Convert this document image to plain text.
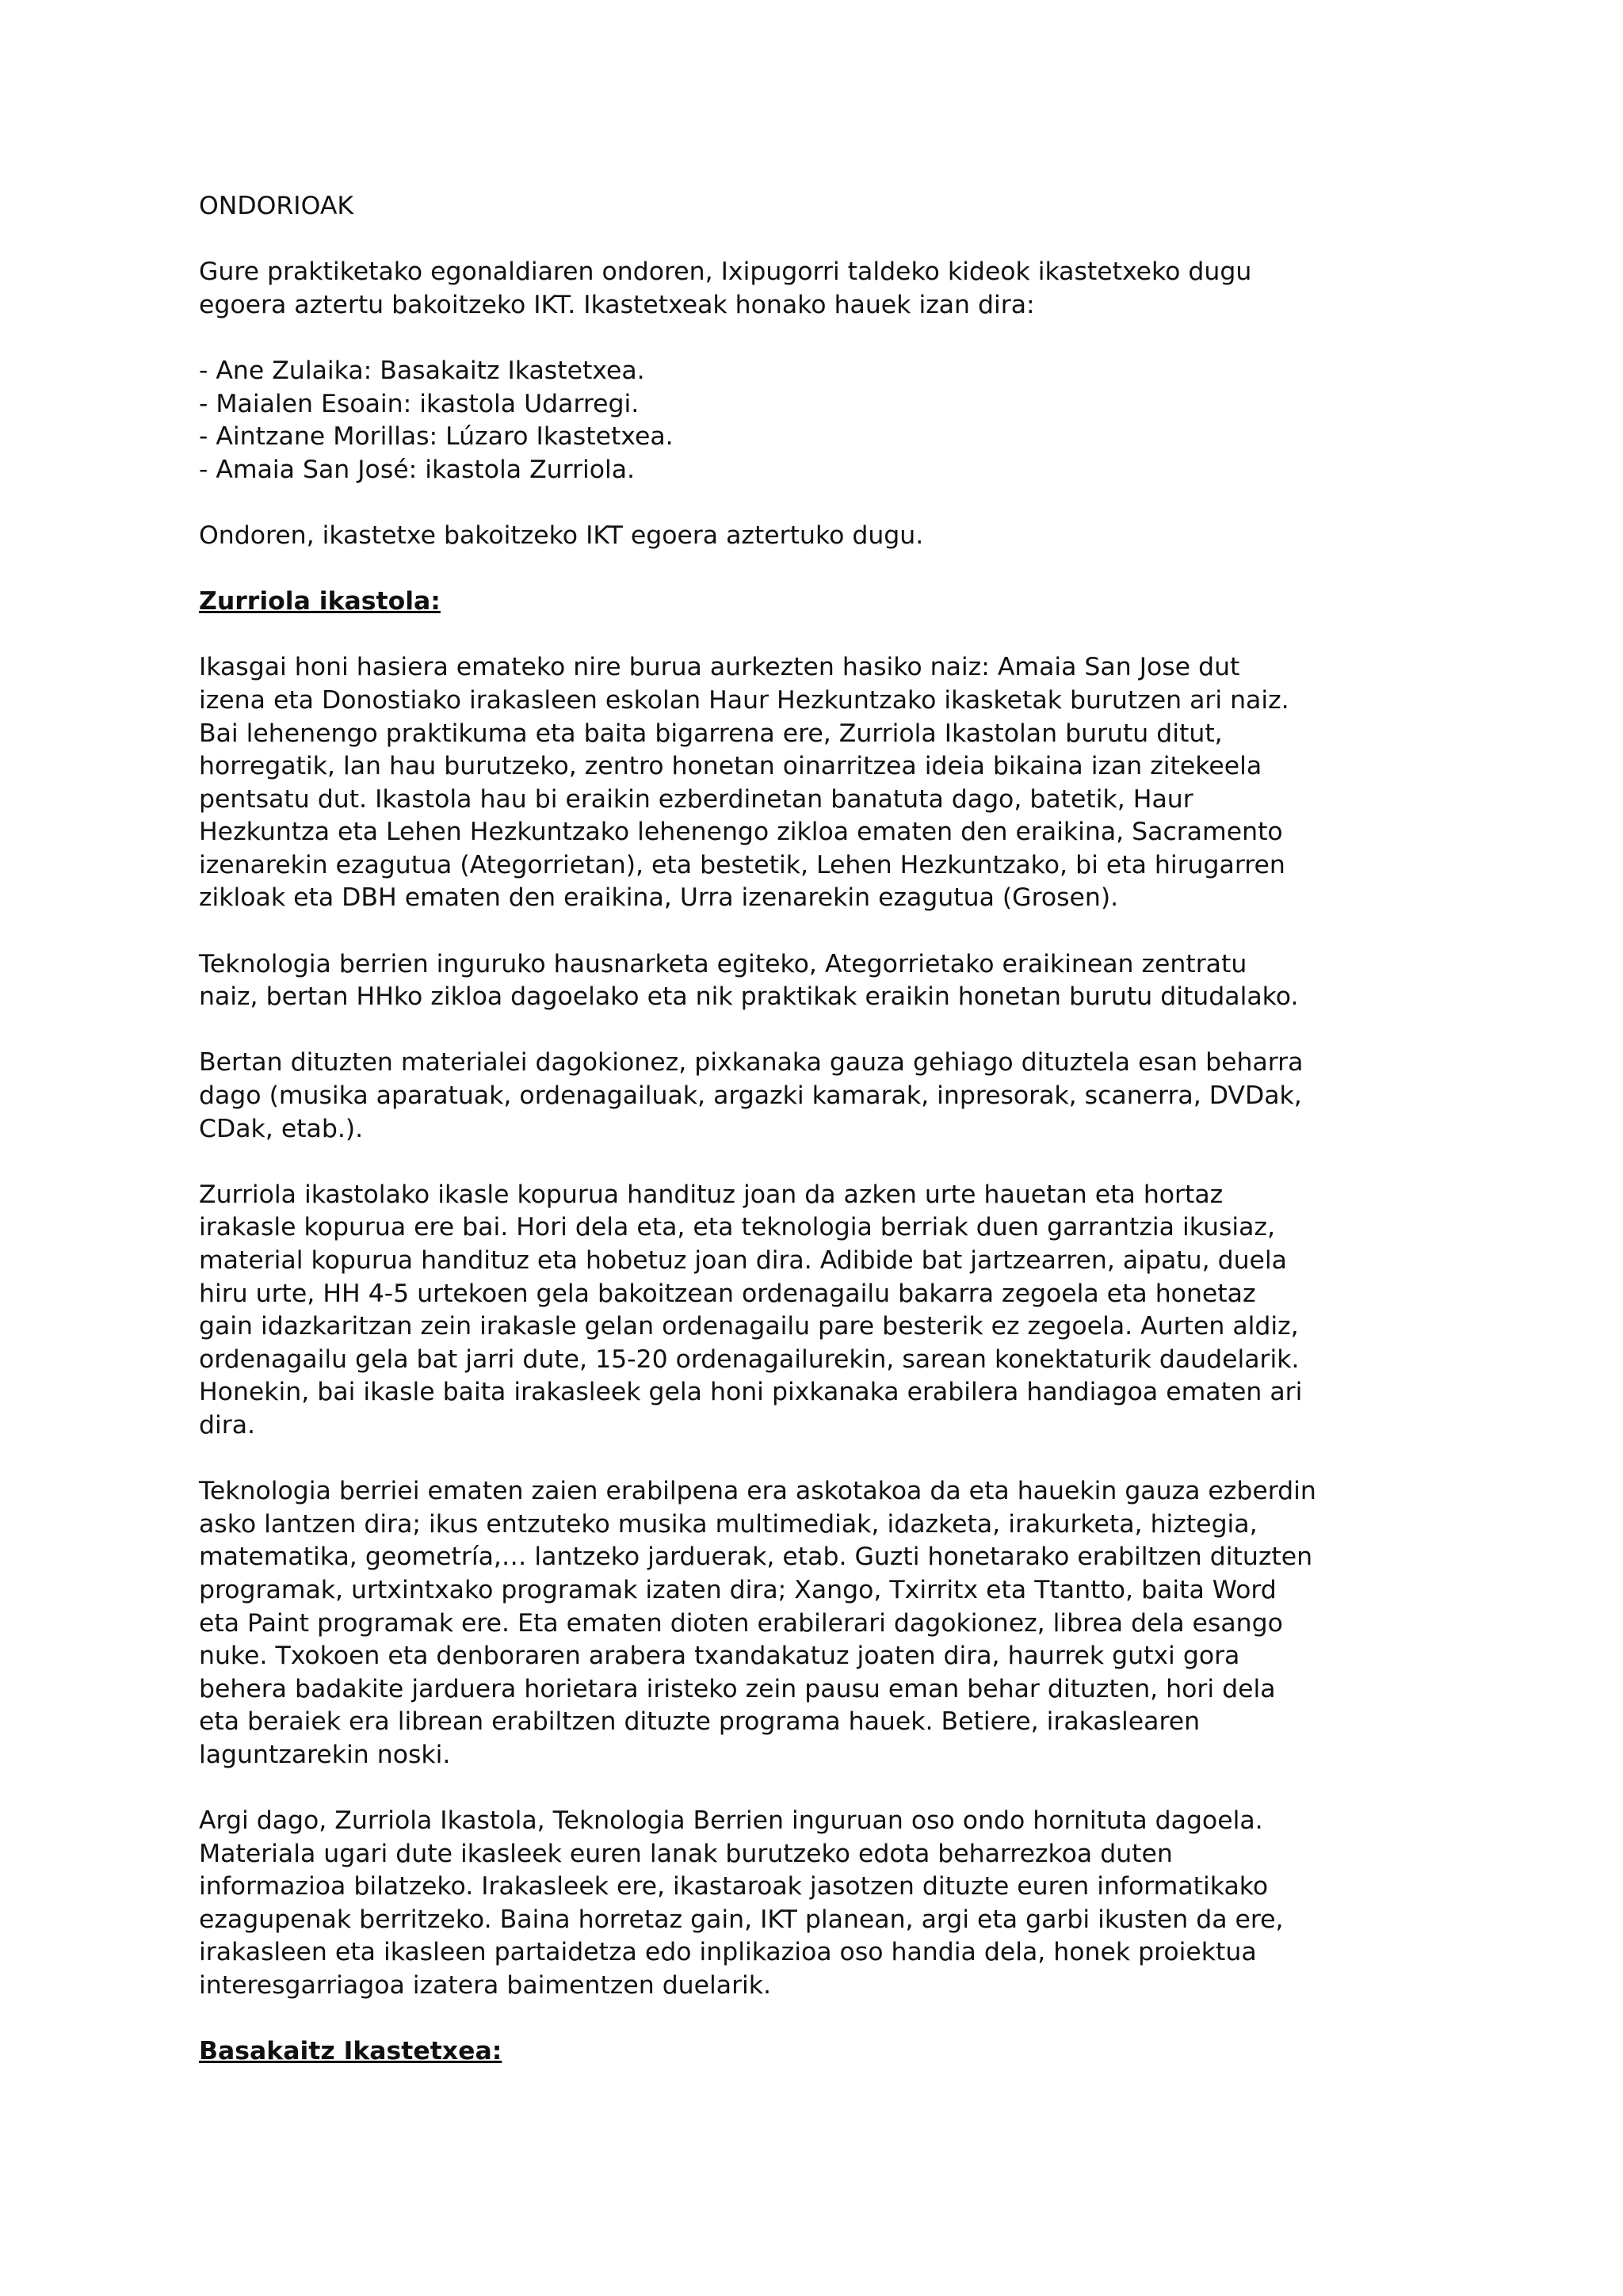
ONDORIOAK

Gure praktiketako egonaldiaren ondoren, Ixipugorri taldeko kideok ikastetxeko dugu
egoera aztertu bakoitzeko IKT. Ikastetxeak honako hauek izan dira:

- Ane Zulaika: Basakaitz Ikastetxea.

- Maialen Esoain: ikastola Udarregi.

- Aintzane Morillas: Lúzaro Ikastetxea.

- Amaia San José: ikastola Zurriola.

Ondoren, ikastetxe bakoitzeko IKT egoera aztertuko dugu.

Zurriola ikastola:

Ikasgai honi hasiera emateko nire burua aurkezten hasiko naiz: Amaia San Jose dut
izena eta Donostiako irakasleen eskolan Haur Hezkuntzako ikasketak burutzen ari naiz.
Bai lehenengo praktikuma eta baita bigarrena ere, Zurriola Ikastolan burutu ditut,
horregatik, lan hau burutzeko, zentro honetan oinarritzea ideia bikaina izan zitekeela
pentsatu dut. Ikastola hau bi eraikin ezberdinetan banatuta dago, batetik, Haur
Hezkuntza eta Lehen Hezkuntzako lehenengo zikloa ematen den eraikina, Sacramento
izenarekin ezagutua (Ategorrietan), eta bestetik, Lehen Hezkuntzako, bi eta hirugarren
zikloak eta DBH ematen den eraikina, Urra izenarekin ezagutua (Grosen).

Teknologia berrien inguruko hausnarketa egiteko, Ategorrietako eraikinean zentratu
naiz, bertan HHko zikloa dagoelako eta nik praktikak eraikin honetan burutu ditudalako.

Bertan dituzten materialei dagokionez, pixkanaka gauza gehiago dituztela esan beharra
dago (musika aparatuak, ordenagailuak, argazki kamarak, inpresorak, scanerra, DVDak,
CDak, etab.).

Zurriola ikastolako ikasle kopurua handituz joan da azken urte hauetan eta hortaz
irakasle kopurua ere bai. Hori dela eta, eta teknologia berriak duen garrantzia ikusiaz,
material kopurua handituz eta hobetuz joan dira. Adibide bat jartzearren, aipatu, duela
hiru urte, HH 4-5 urtekoen gela bakoitzean ordenagailu bakarra zegoela eta honetaz
gain idazkaritzan zein irakasle gelan ordenagailu pare besterik ez zegoela. Aurten aldiz,
ordenagailu gela bat jarri dute, 15-20 ordenagailurekin, sarean konektaturik daudelarik.
Honekin, bai ikasle baita irakasleek gela honi pixkanaka erabilera handiagoa ematen ari
dira.

Teknologia berriei ematen zaien erabilpena era askotakoa da eta hauekin gauza ezberdin
asko lantzen dira; ikus entzuteko musika multimediak, idazketa, irakurketa, hiztegia,
matematika, geometría,… lantzeko jarduerak, etab. Guzti honetarako erabiltzen dituzten
programak, urtxintxako programak izaten dira; Xango, Txirritx eta Ttantto, baita Word
eta Paint programak ere. Eta ematen dioten erabilerari dagokionez, librea dela esango
nuke. Txokoen eta denboraren arabera txandakatuz joaten dira, haurrek gutxi gora
behera badakite jarduera horietara iristeko zein pausu eman behar dituzten, hori dela
eta beraiek era librean erabiltzen dituzte programa hauek. Betiere, irakaslearen
laguntzarekin noski.

Argi dago, Zurriola Ikastola, Teknologia Berrien inguruan oso ondo hornituta dagoela.
Materiala ugari dute ikasleek euren lanak burutzeko edota beharrezkoa duten
informazioa bilatzeko. Irakasleek ere, ikastaroak jasotzen dituzte euren informatikako
ezagupenak berritzeko. Baina horretaz gain, IKT planean, argi eta garbi ikusten da ere,
irakasleen eta ikasleen partaidetza edo inplikazioa oso handia dela, honek proiektua
interesgarriagoa izatera baimentzen duelarik.

Basakaitz Ikastetxea:
